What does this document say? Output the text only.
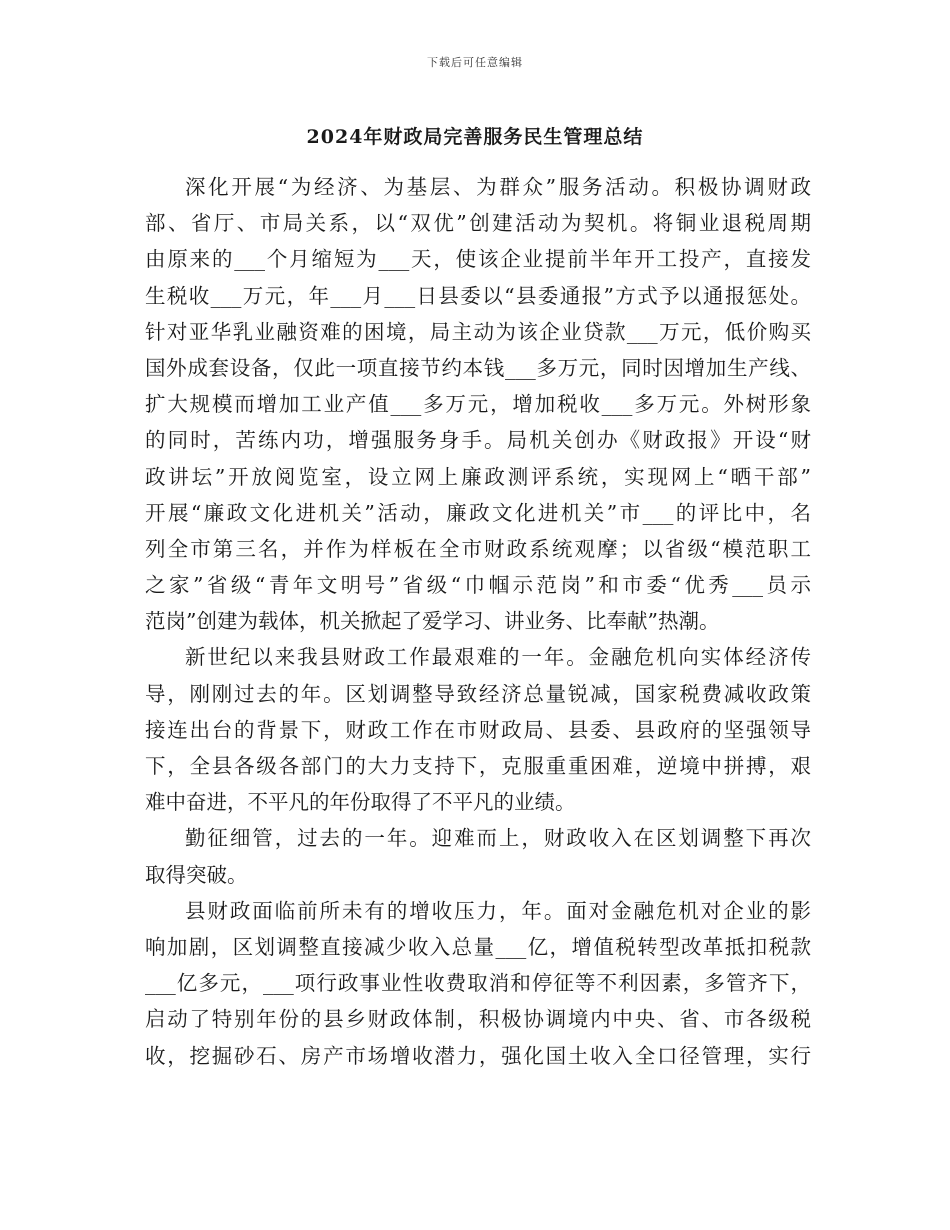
下载后可任意编辑
2024年财政局完善服务民生管理总结
深化开展“为经济、为基层、为群众”服务活动。积极协调财政
部、省厅、市局关系，以“双优”创建活动为契机。将铜业退税周期
由原来的___个月缩短为___天，使该企业提前半年开工投产，直接发
生税收___万元，年___月___日县委以“县委通报”方式予以通报惩处。
针对亚华乳业融资难的困境，局主动为该企业贷款___万元，低价购买
国外成套设备，仅此一项直接节约本钱___多万元，同时因增加生产线、
扩大规模而增加工业产值___多万元，增加税收___多万元。外树形象
的同时，苦练内功，增强服务身手。局机关创办《财政报》开设“财
政讲坛”开放阅览室，设立网上廉政测评系统，实现网上“晒干部”
开展“廉政文化进机关”活动，廉政文化进机关”市___的评比中，名
列全市第三名，并作为样板在全市财政系统观摩；以省级“模范职工
之家”省级“青年文明号”省级“巾帼示范岗”和市委“优秀___员示
范岗”创建为载体，机关掀起了爱学习、讲业务、比奉献”热潮。
新世纪以来我县财政工作最艰难的一年。金融危机向实体经济传
导，刚刚过去的年。区划调整导致经济总量锐减，国家税费减收政策
接连出台的背景下，财政工作在市财政局、县委、县政府的坚强领导
下，全县各级各部门的大力支持下，克服重重困难，逆境中拼搏，艰
难中奋进，不平凡的年份取得了不平凡的业绩。
勤征细管，过去的一年。迎难而上，财政收入在区划调整下再次
取得突破。
县财政面临前所未有的增收压力，年。面对金融危机对企业的影
响加剧，区划调整直接减少收入总量___亿，增值税转型改革抵扣税款
___亿多元，___项行政事业性收费取消和停征等不利因素，多管齐下，
启动了特别年份的县乡财政体制，积极协调境内中央、省、市各级税
收，挖掘砂石、房产市场增收潜力，强化国土收入全口径管理，实行
